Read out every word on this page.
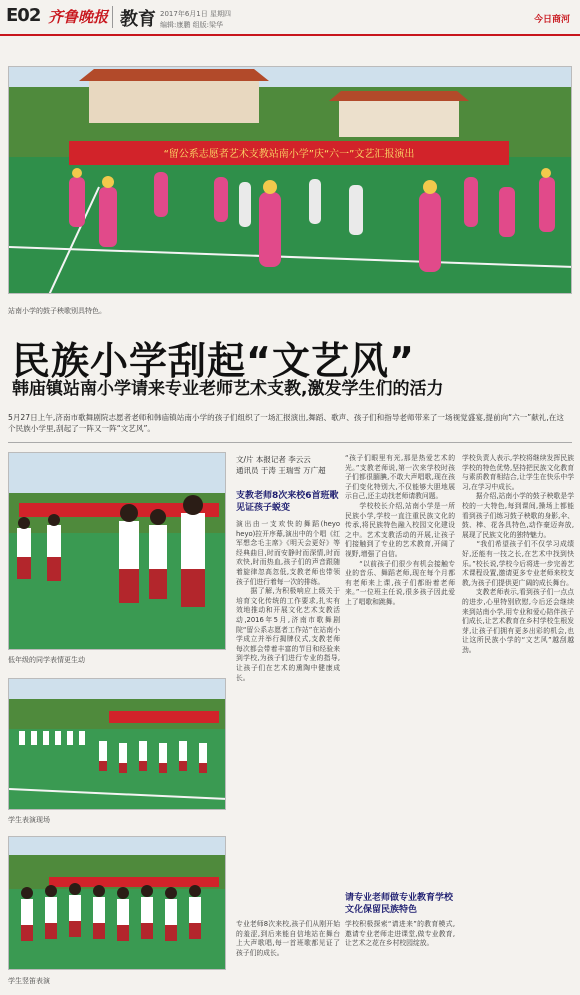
E02 齐鲁晚报 教育 2017年6月1日 星期四
编辑:康鹏 组版:梁华	今日商河
“留公系志愿者艺术支教站南小学”庆“六一”文艺汇报演出
站南小学的鼓子秧歌别具特色。
民族小学刮起“文艺风”
韩庙镇站南小学请来专业老师艺术支教,激发学生们的活力

5月27日上午,济南市歌舞剧院志愿者老师和韩庙镇站南小学的孩子们组织了一场汇报演出,舞蹈、歌声、孩子们和指导老师带来了一场视觉盛宴,提前向“六一”献礼,在这个民族小学里,刮起了一阵又一阵“文艺风”。

低年级的同学表情更生动
学生表演现场
学生竖笛表演
文/片 本报记者 李云云
通讯员 于涛 王瑞雪 万广超
支教老师8次来校6首班歌见证孩子蜕变
演出由一支欢快的舞蹈(heyo heyo)拉开序幕,演出中的个唱《红军想念毛主席》《明天会更好》等经典曲目,时而安静时而深情,时而欢快,时而热血,孩子们的声音跟随着旋律忽高忽低,支教老师也带领孩子们进行着每一次的排练。
　　据了解,为积极响应上级关于培育文化传统的工作要求,扎实有效地推动和开展文化艺术支教活动,2016年5月,济南市歌舞剧院“留公系志愿者工作站”在站南小学成立并举行揭牌仪式,支教老师每次都会带着丰富的节目和经验来到学校,为孩子们进行专业的指导,让孩子们在艺术的熏陶中健康成长。
“孩子们眼里有光,那是热爱艺术的光。”支教老师说,第一次来学校时孩子们都很腼腆,不敢大声唱歌,现在孩子们变化特别大,不仅能够大胆地展示自己,还主动找老师请教问题。
　　学校校长介绍,站南小学是一所民族小学,学校一直注重民族文化的传承,将民族特色融入校园文化建设之中。艺术支教活动的开展,让孩子们接触到了专业的艺术教育,开阔了视野,增强了自信。
　　“以前孩子们很少有机会接触专业的音乐、舞蹈老师,现在每个月都有老师来上课,孩子们都盼着老师来。”一位班主任说,很多孩子因此爱上了唱歌和跳舞。
请专业老师做专业教育学校文化保留民族特色
专业老师8次来校,孩子们从刚开始的羞涩,到后来能自信地站在舞台上大声歌唱,每一首班歌都见证了孩子们的成长。
学校积极探索“请进来”的教育模式,邀请专业老师走进课堂,做专业教育,让艺术之花在乡村校园绽放。
学校负责人表示,学校将继续发挥民族学校的特色优势,坚持把民族文化教育与素质教育相结合,让学生在快乐中学习,在学习中成长。
　　据介绍,站南小学的鼓子秧歌是学校的一大特色,每到课间,操场上都能看到孩子们练习鼓子秧歌的身影,伞、鼓、棒、花各具特色,动作豪迈奔放,展现了民族文化的独特魅力。
　　“我们希望孩子们不仅学习成绩好,还能有一技之长,在艺术中找到快乐。”校长说,学校今后将进一步完善艺术课程设置,邀请更多专业老师来校支教,为孩子们提供更广阔的成长舞台。
　　支教老师表示,看到孩子们一点点的进步,心里特别欣慰,今后还会继续来到站南小学,用专业和爱心陪伴孩子们成长,让艺术教育在乡村学校生根发芽,让孩子们拥有更多出彩的机会,也让这所民族小学的“文艺风”越刮越劲。
